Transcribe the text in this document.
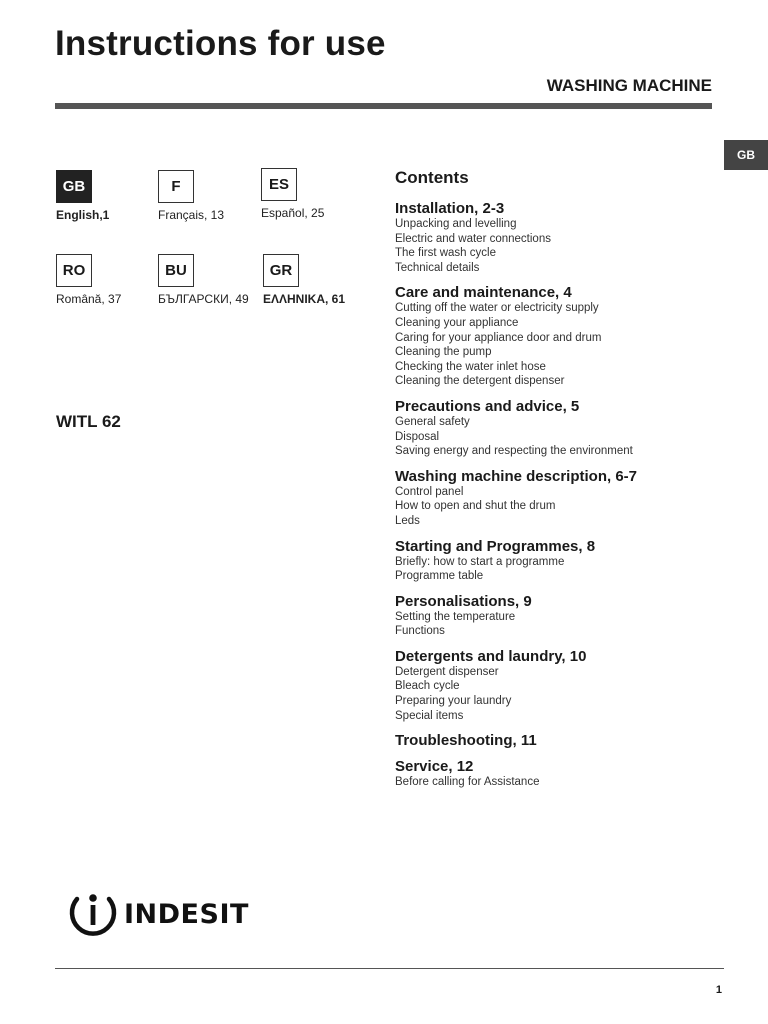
Instructions for use
WASHING MACHINE
GB
GB
English,1
F
Français, 13
ES
Español, 25
RO
Română, 37
BU
БЪЛГАРСКИ, 49
GR
ΕΛΛΗΝΙΚΑ, 61
WITL 62
Contents
Installation, 2-3
Unpacking and levelling
Electric and water connections
The first wash cycle
Technical details
Care and maintenance, 4
Cutting off the water or electricity supply
Cleaning your appliance
Caring for your appliance door and drum
Cleaning the pump
Checking the water inlet hose
Cleaning the detergent dispenser
Precautions and advice, 5
General safety
Disposal
Saving energy and respecting the environment
Washing machine description, 6-7
Control panel
How to open and shut the drum
Leds
Starting and Programmes, 8
Briefly: how to start a programme
Programme table
Personalisations, 9
Setting the temperature
Functions
Detergents and laundry, 10
Detergent dispenser
Bleach cycle
Preparing your laundry
Special items
Troubleshooting, 11
Service, 12
Before calling for Assistance
INDESIT
1
